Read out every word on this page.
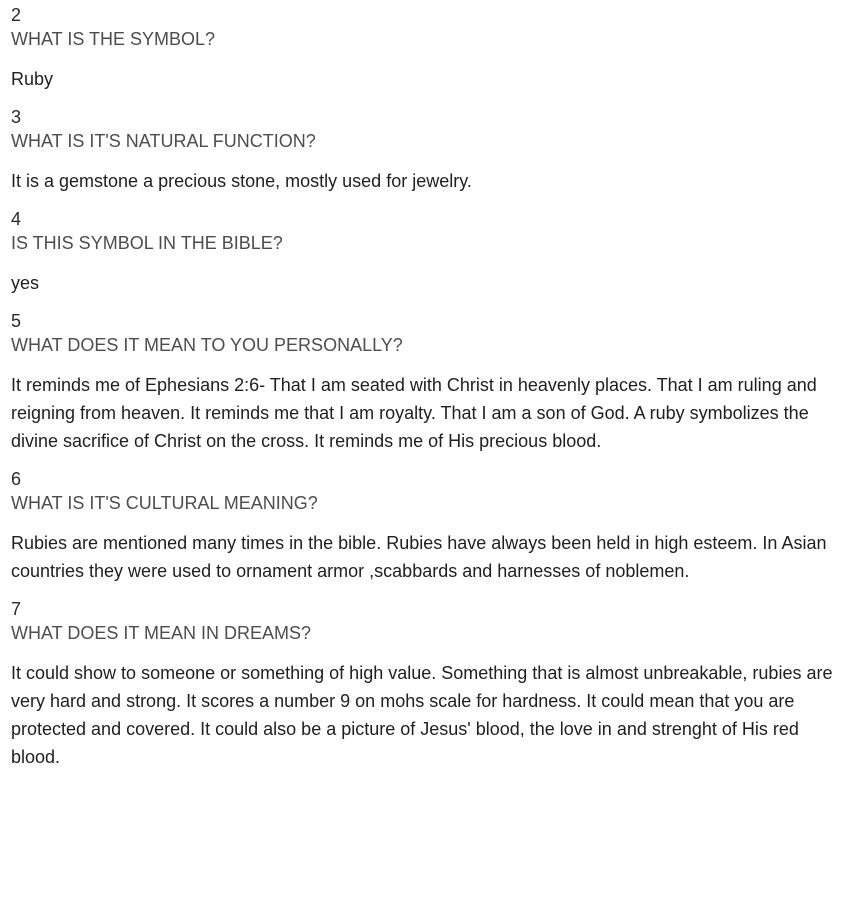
2
WHAT IS THE SYMBOL?
Ruby
3
WHAT IS IT'S NATURAL FUNCTION?
It is a gemstone a precious stone, mostly used for jewelry.
4
IS THIS SYMBOL IN THE BIBLE?
yes
5
WHAT DOES IT MEAN TO YOU PERSONALLY?
It reminds me of Ephesians 2:6- That I am seated with Christ in heavenly places. That I am ruling and reigning from heaven. It reminds me that I am royalty. That I am a son of God. A ruby symbolizes the divine sacrifice of Christ on the cross. It reminds me of His precious blood.
6
WHAT IS IT'S CULTURAL MEANING?
Rubies are mentioned many times in the bible. Rubies have always been held in high esteem. In Asian countries they were used to ornament armor ,scabbards and harnesses of noblemen.
7
WHAT DOES IT MEAN IN DREAMS?
It could show to someone or something of high value. Something that is almost unbreakable, rubies are very hard and strong. It scores a number 9 on mohs scale for hardness. It could mean that you are protected and covered. It could also be a picture of Jesus' blood, the love in and strenght of His red blood.
